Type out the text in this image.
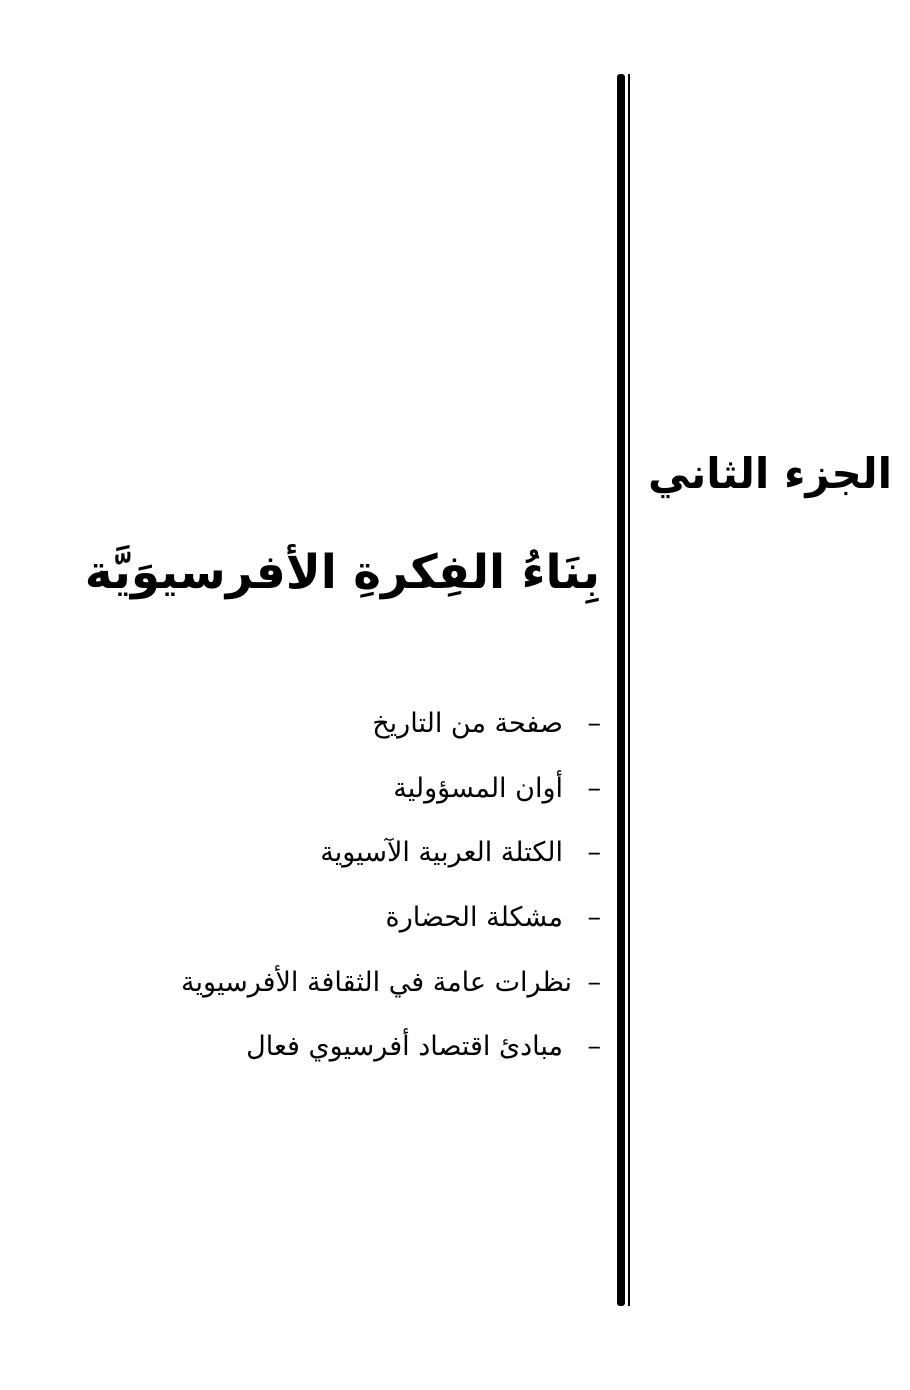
الجزء الثاني
بِنَاءُ الفِكرةِ الأفرسيوَيَّة
–
صفحة من التاريخ
–
أوان المسؤولية
–
الكتلة العربية الآسيوية
–
مشكلة الحضارة
–
نظرات عامة في الثقافة الأفرسيوية
–
مبادئ اقتصاد أفرسيوي فعال
